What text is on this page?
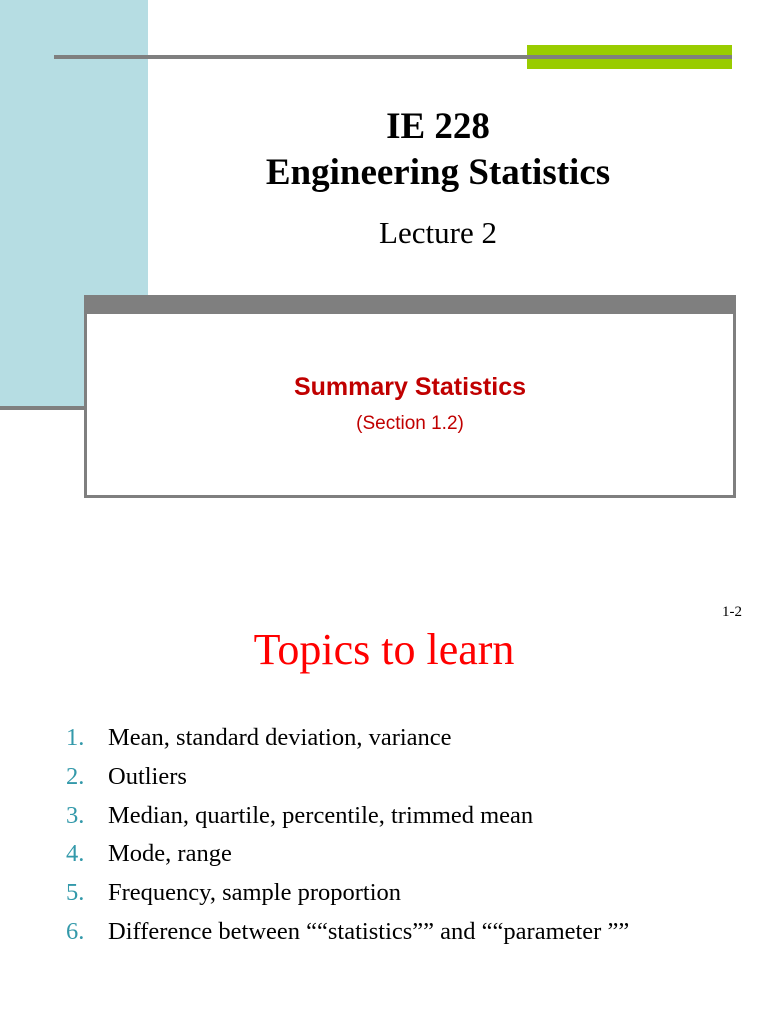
IE 228
Engineering Statistics
Lecture 2
Summary Statistics
(Section 1.2)
1-2
Topics to learn
1. Mean, standard deviation, variance
2. Outliers
3. Median, quartile, percentile, trimmed mean
4. Mode, range
5. Frequency, sample proportion
6. Difference between ““statistics”” and ““parameter ””
